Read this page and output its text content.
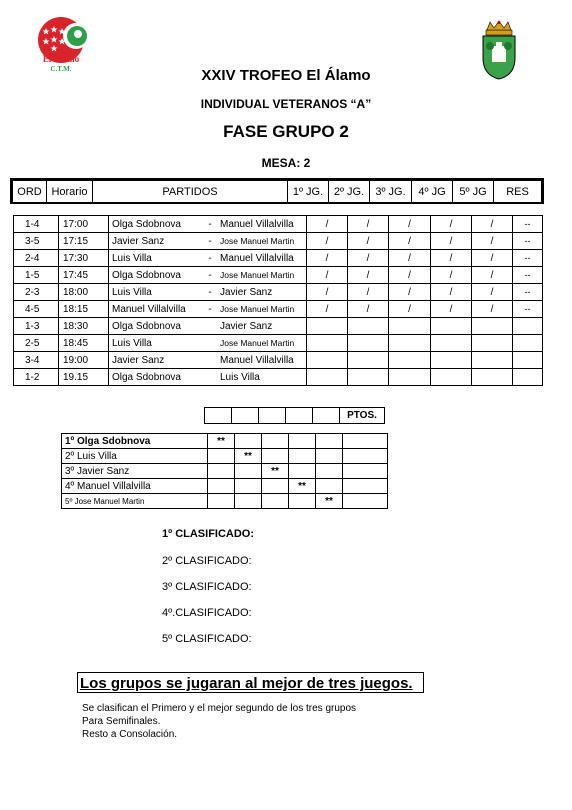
El Álamo
C.T.M.	XXIV TROFEO El Álamo
INDIVIDUAL VETERANOS “A”
FASE GRUPO 2
MESA: 2
ORD	Horario	PARTIDOS	1º JG.	2º JG.	3º JG.	4º JG	5º JG	RES
1-4	17:00	Olga Sdobnova	-	Manuel Villalvilla	/	/	/	/	/	--
3-5	17:15	Javier Sanz	-	Jose Manuel Martin	/	/	/	/	/	--
2-4	17:30	Luis Villa	-	Manuel Villalvilla	/	/	/	/	/	--
1-5	17:45	Olga Sdobnova	-	Jose Manuel Martin	/	/	/	/	/	--
2-3	18:00	Luis Villa	-	Javier Sanz	/	/	/	/	/	--
4-5	18:15	Manuel Villalvilla	-	Jose Manuel Martin	/	/	/	/	/	--
1-3	18:30	Olga Sdobnova		Javier Sanz						
2-5	18:45	Luis Villa		Jose Manuel Martin						
3-4	19:00	Javier Sanz		Manuel Villalvilla						
1-2	19.15	Olga Sdobnova		Luis Villa						
					PTOS.
1º Olga Sdobnova	**					
2º Luis Villa		**				
3º Javier Sanz			**			
4º Manuel Villalvilla				**		
5º Jose Manuel Martin					**	
1º CLASIFICADO:
2º CLASIFICADO:
3º CLASIFICADO:
4º.CLASIFICADO:
5º CLASIFICADO:
Los grupos se jugaran al mejor de tres juegos.
Se clasifican el Primero y el mejor segundo de los tres grupos
Para Semifinales.
Resto a Consolación.
